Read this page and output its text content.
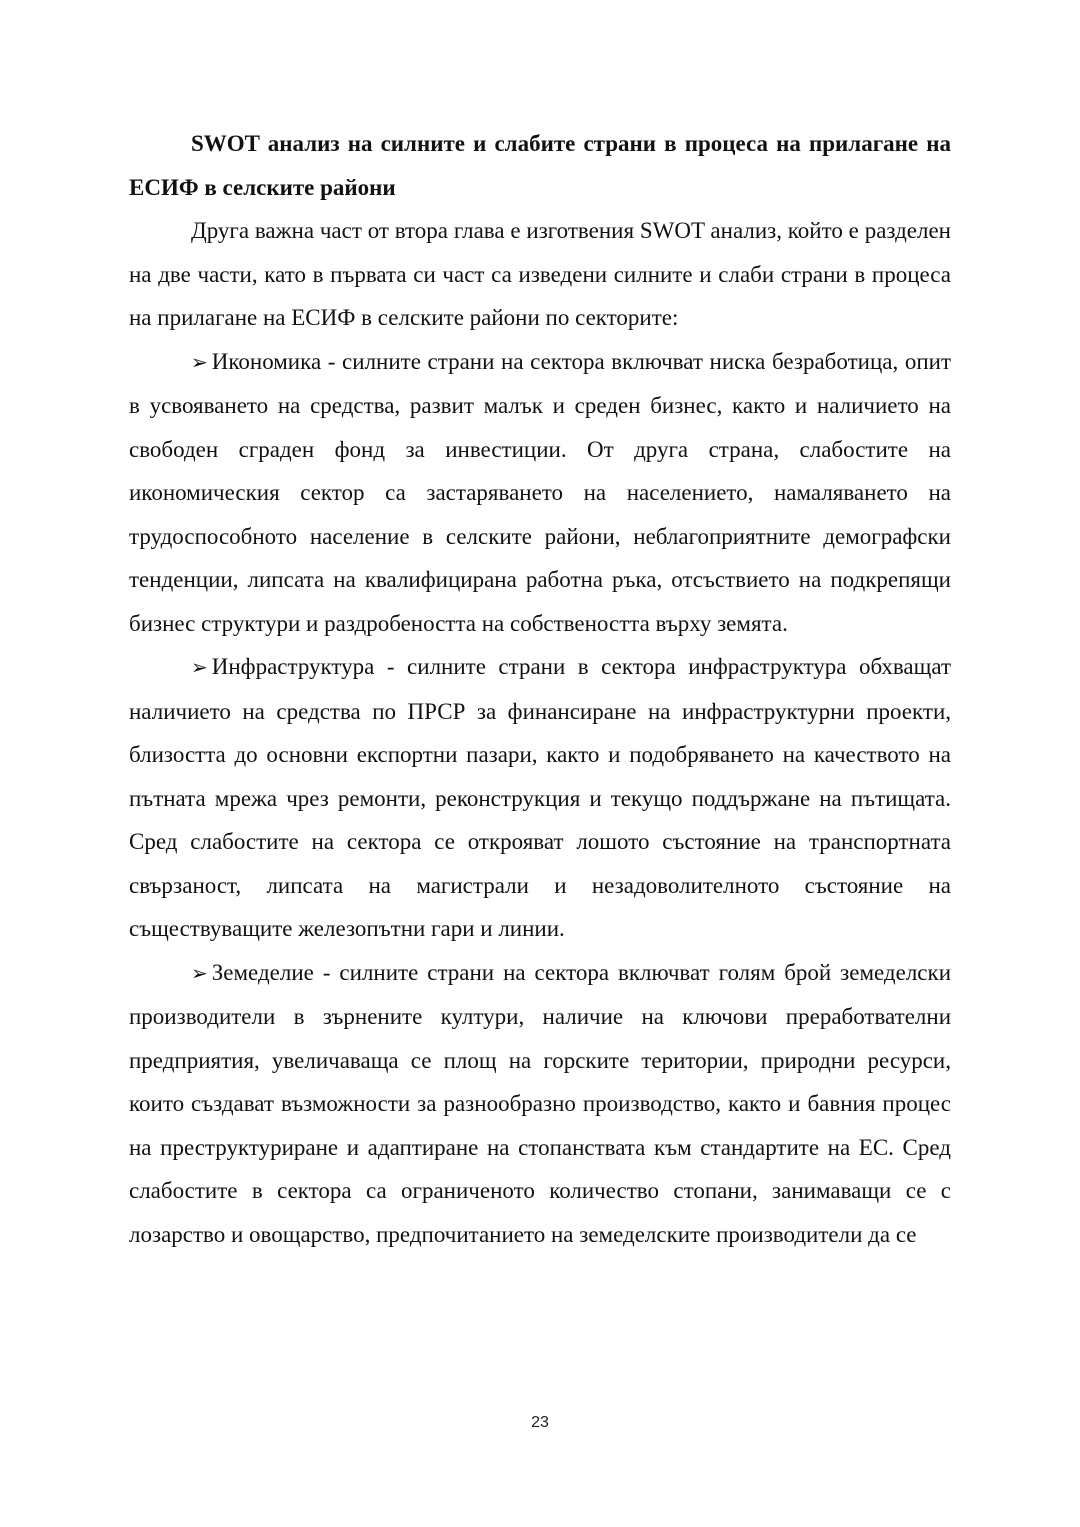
SWOT анализ на силните и слабите страни в процеса на прилагане на ЕСИФ в селските райони

Друга важна част от втора глава е изготвения SWOT анализ, който е разделен на две части, като в първата си част са изведени силните и слаби страни в процеса на прилагане на ЕСИФ в селските райони по секторите:

➢ Икономика - силните страни на сектора включват ниска безработица, опит в усвояването на средства, развит малък и среден бизнес, както и наличието на свободен сграден фонд за инвестиции. От друга страна, слабостите на икономическия сектор са застаряването на населението, намаляването на трудоспособното население в селските райони, неблагоприятните демографски тенденции, липсата на квалифицирана работна ръка, отсъствието на подкрепящи бизнес структури и раздробеността на собствеността върху земята.

➢ Инфраструктура - силните страни в сектора инфраструктура обхващат наличието на средства по ПРСР за финансиране на инфраструктурни проекти, близостта до основни експортни пазари, както и подобряването на качеството на пътната мрежа чрез ремонти, реконструкция и текущо поддържане на пътищата. Сред слабостите на сектора се открояват лошото състояние на транспортната свързаност, липсата на магистрали и незадоволителното състояние на съществуващите железопътни гари и линии.

➢ Земеделие - силните страни на сектора включват голям брой земеделски производители в зърнените култури, наличие на ключови преработвателни предприятия, увеличаваща се площ на горските територии, природни ресурси, които създават възможности за разнообразно производство, както и бавния процес на преструктуриране и адаптиране на стопанствата към стандартите на ЕС. Сред слабостите в сектора са ограниченото количество стопани, занимаващи се с лозарство и овощарство, предпочитанието на земеделските производители да се

23
